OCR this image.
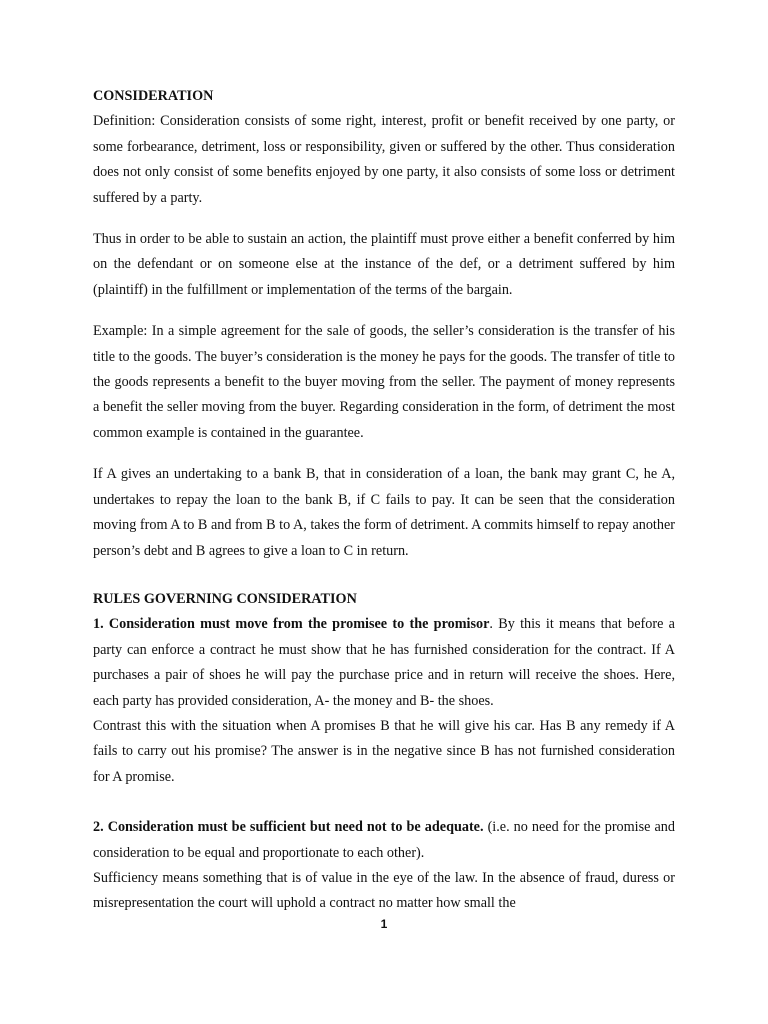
CONSIDERATION

Definition: Consideration consists of some right, interest, profit or benefit received by one party, or some forbearance, detriment, loss or responsibility, given or suffered by the other. Thus consideration does not only consist of some benefits enjoyed by one party, it also consists of some loss or detriment suffered by a party.

Thus in order to be able to sustain an action, the plaintiff must prove either a benefit conferred by him on the defendant or on someone else at the instance of the def, or a detriment suffered by him (plaintiff) in the fulfillment or implementation of the terms of the bargain.

Example: In a simple agreement for the sale of goods, the seller’s consideration is the transfer of his title to the goods. The buyer’s consideration is the money he pays for the goods. The transfer of title to the goods represents a benefit to the buyer moving from the seller. The payment of money represents a benefit the seller moving from the buyer. Regarding consideration in the form, of detriment the most common example is contained in the guarantee.

If A gives an undertaking to a bank B, that in consideration of a loan, the bank may grant C, he A, undertakes to repay the loan to the bank B, if C fails to pay. It can be seen that the consideration moving from A to B and from B to A, takes the form of detriment. A commits himself to repay another person’s debt and B agrees to give a loan to C in return.

RULES GOVERNING CONSIDERATION

1. Consideration must move from the promisee to the promisor. By this it means that before a party can enforce a contract he must show that he has furnished consideration for the contract. If A purchases a pair of shoes he will pay the purchase price and in return will receive the shoes. Here, each party has provided consideration, A- the money and B- the shoes.

Contrast this with the situation when A promises B that he will give his car. Has B any remedy if A fails to carry out his promise? The answer is in the negative since B has not furnished consideration for A promise.

2. Consideration must be sufficient but need not to be adequate. (i.e. no need for the promise and consideration to be equal and proportionate to each other).

Sufficiency means something that is of value in the eye of the law. In the absence of fraud, duress or misrepresentation the court will uphold a contract no matter how small the

1
